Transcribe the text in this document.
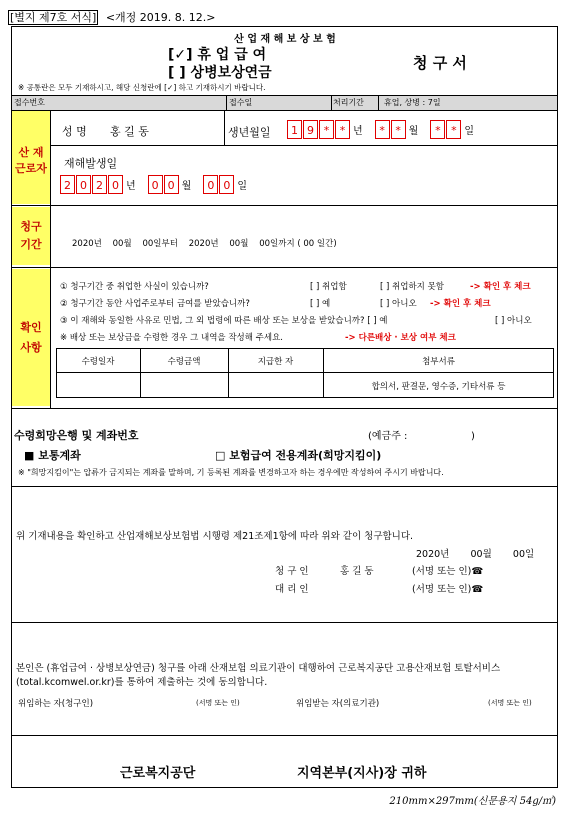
[별지 제7호 서식] <개정 2019. 8. 12.>
산 업 재 해 보 상 보 험
[✓] 휴 업 급 여
[ ] 상병보상연금
청 구 서
※ 공통란은 모두 기재하시고, 해당 신청란에 [✓] 하고 기재하시기 바랍니다.
접수번호	접수일	처리기간	휴업, 상병 : 7일
산 재
근로자
성 명 홍 길 동	생년월일	1 9 * * 년 * * 월 * * 일
재해발생일
2 0 2 0 년 0 0 월 0 0 일
청구
기간	2020년    00월    00일부터    2020년    00월    00일까지 ( 00 일간)
확인
사항
① 청구기간 중 취업한 사실이 있습니까?	[ ] 취업함	[ ] 취업하지 못함	-> 확인 후 체크
② 청구기간 동안 사업주로부터 금여를 받았습니까?	[ ] 예	[ ] 아니오 -> 확인 후 체크
③ 이 재해와 동일한 사유로 민법, 그 외 법령에 따른 배상 또는 보상을 받았습니까? [ ] 예	[ ] 아니오
※ 배상 또는 보상금을 수령한 경우 그 내역을 작성해 주세요.	-> 다른배상 · 보상 여부 체크
수령일자	수령금액	지급한 자	첨부서류
합의서, 판결문, 영수증, 기타서류 등
수령희망은행 및 계좌번호	(예금주 :                    )
■ 보통계좌	□ 보험급여 전용계좌(희망지킴이)
※ "희망지킴이"는 압류가 금지되는 계좌를 말하며, 기 등록된 계좌를 변경하고자 하는 경우에만 작성하여 주시기 바랍니다.
위 기재내용을 확인하고 산업재해보상보험법 시행령 제21조제1항에 따라 위와 같이 청구합니다.
2020년       00월       00일
청 구 인	홍 길 동	(서명 또는 인)☎
대 리 인	(서명 또는 인)☎
본인은 (휴업급여 · 상병보상연금) 청구를 아래 산재보험 의료기관이 대행하여 근로복지공단 고용산재보험 토탈서비스(total.kcomwel.or.kr)를 통하여 제출하는 것에 동의합니다.
위임하는 자(청구인)	(서명 또는 인)	위임받는 자(의료기관)	(서명 또는 인)
근로복지공단	지역본부(지사)장 귀하
210mm×297mm(신문용지 54g/㎡)
